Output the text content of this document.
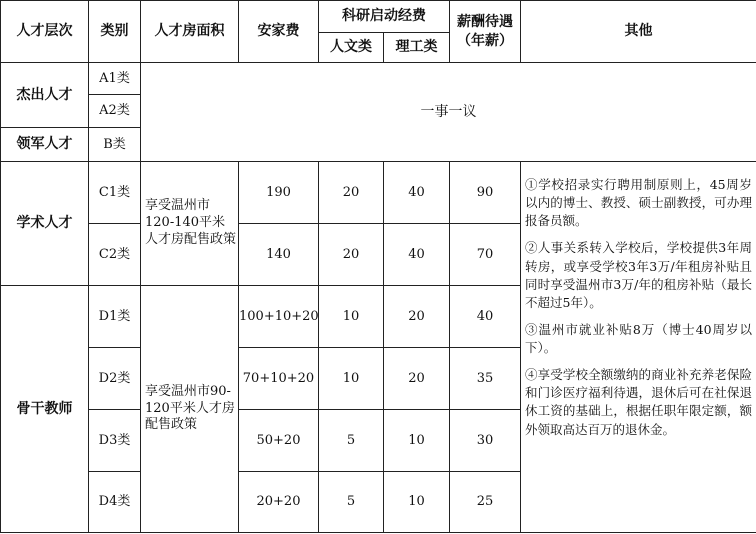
人才层次	类别	人才房面积	安家费	科研启动经费		薪酬待遇（年薪）	其他
				人文类	理工类		
杰出人才	A1类	一事一议					
	A2类						
领军人才	B类						
学术人才	C1类	享受温州市120-140平米人才房配售政策	190	20	40	90	①学校招录实行聘用制原则上，45周岁以内的博士、教授、硕士副教授，可办理报备员额。

②人事关系转入学校后，学校提供3年周转房，或享受学校3年3万/年租房补贴且同时享受温州市3万/年的租房补贴（最长不超过5年）。

③温州市就业补贴8万（博士40周岁以下）。

④享受学校全额缴纳的商业补充养老保险和门诊医疗福利待遇，退休后可在社保退休工资的基础上，根据任职年限定额，额外领取高达百万的退休金。

	C2类		140	20	40	70	
骨干教师	D1类	享受温州市90-120平米人才房配售政策	100+10+20	10	20	40	
	D2类		70+10+20	10	20	35	
	D3类		50+20	5	10	30	
	D4类		20+20	5	10	25	
